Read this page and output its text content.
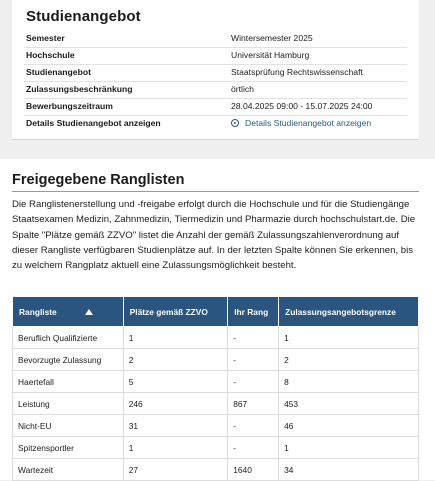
Studienangebot
Semester	Wintersemester 2025
Hochschule	Universität Hamburg
Studienangebot	Staatsprüfung Rechtswissenschaft
Zulassungsbeschränkung	örtlich
Bewerbungszeitraum	28.04.2025 09:00 - 15.07.2025 24:00
Details Studienangebot anzeigen	Details Studienangebot anzeigen
Freigegebene Ranglisten
Die Ranglistenerstellung und -freigabe erfolgt durch die Hochschule und für die Studiengänge Staatsexamen Medizin, Zahnmedizin, Tiermedizin und Pharmazie durch hochschulstart.de. Die Spalte "Plätze gemäß ZZVO" listet die Anzahl der gemäß Zulassungszahlenverordnung auf dieser Rangliste verfügbaren Studienplätze auf. In der letzten Spalte können Sie erkennen, bis zu welchem Rangplatz aktuell eine Zulassungsmöglichkeit besteht.
Rangliste	Plätze gemäß ZZVO	Ihr Rang	Zulassungsangebotsgrenze
Beruflich Qualifizierte	1	-	1
Bevorzugte Zulassung	2	-	2
Haertefall	5	-	8
Leistung	246	867	453
Nicht-EU	31	-	46
Spitzensportler	1	-	1
Wartezeit	27	1640	34
